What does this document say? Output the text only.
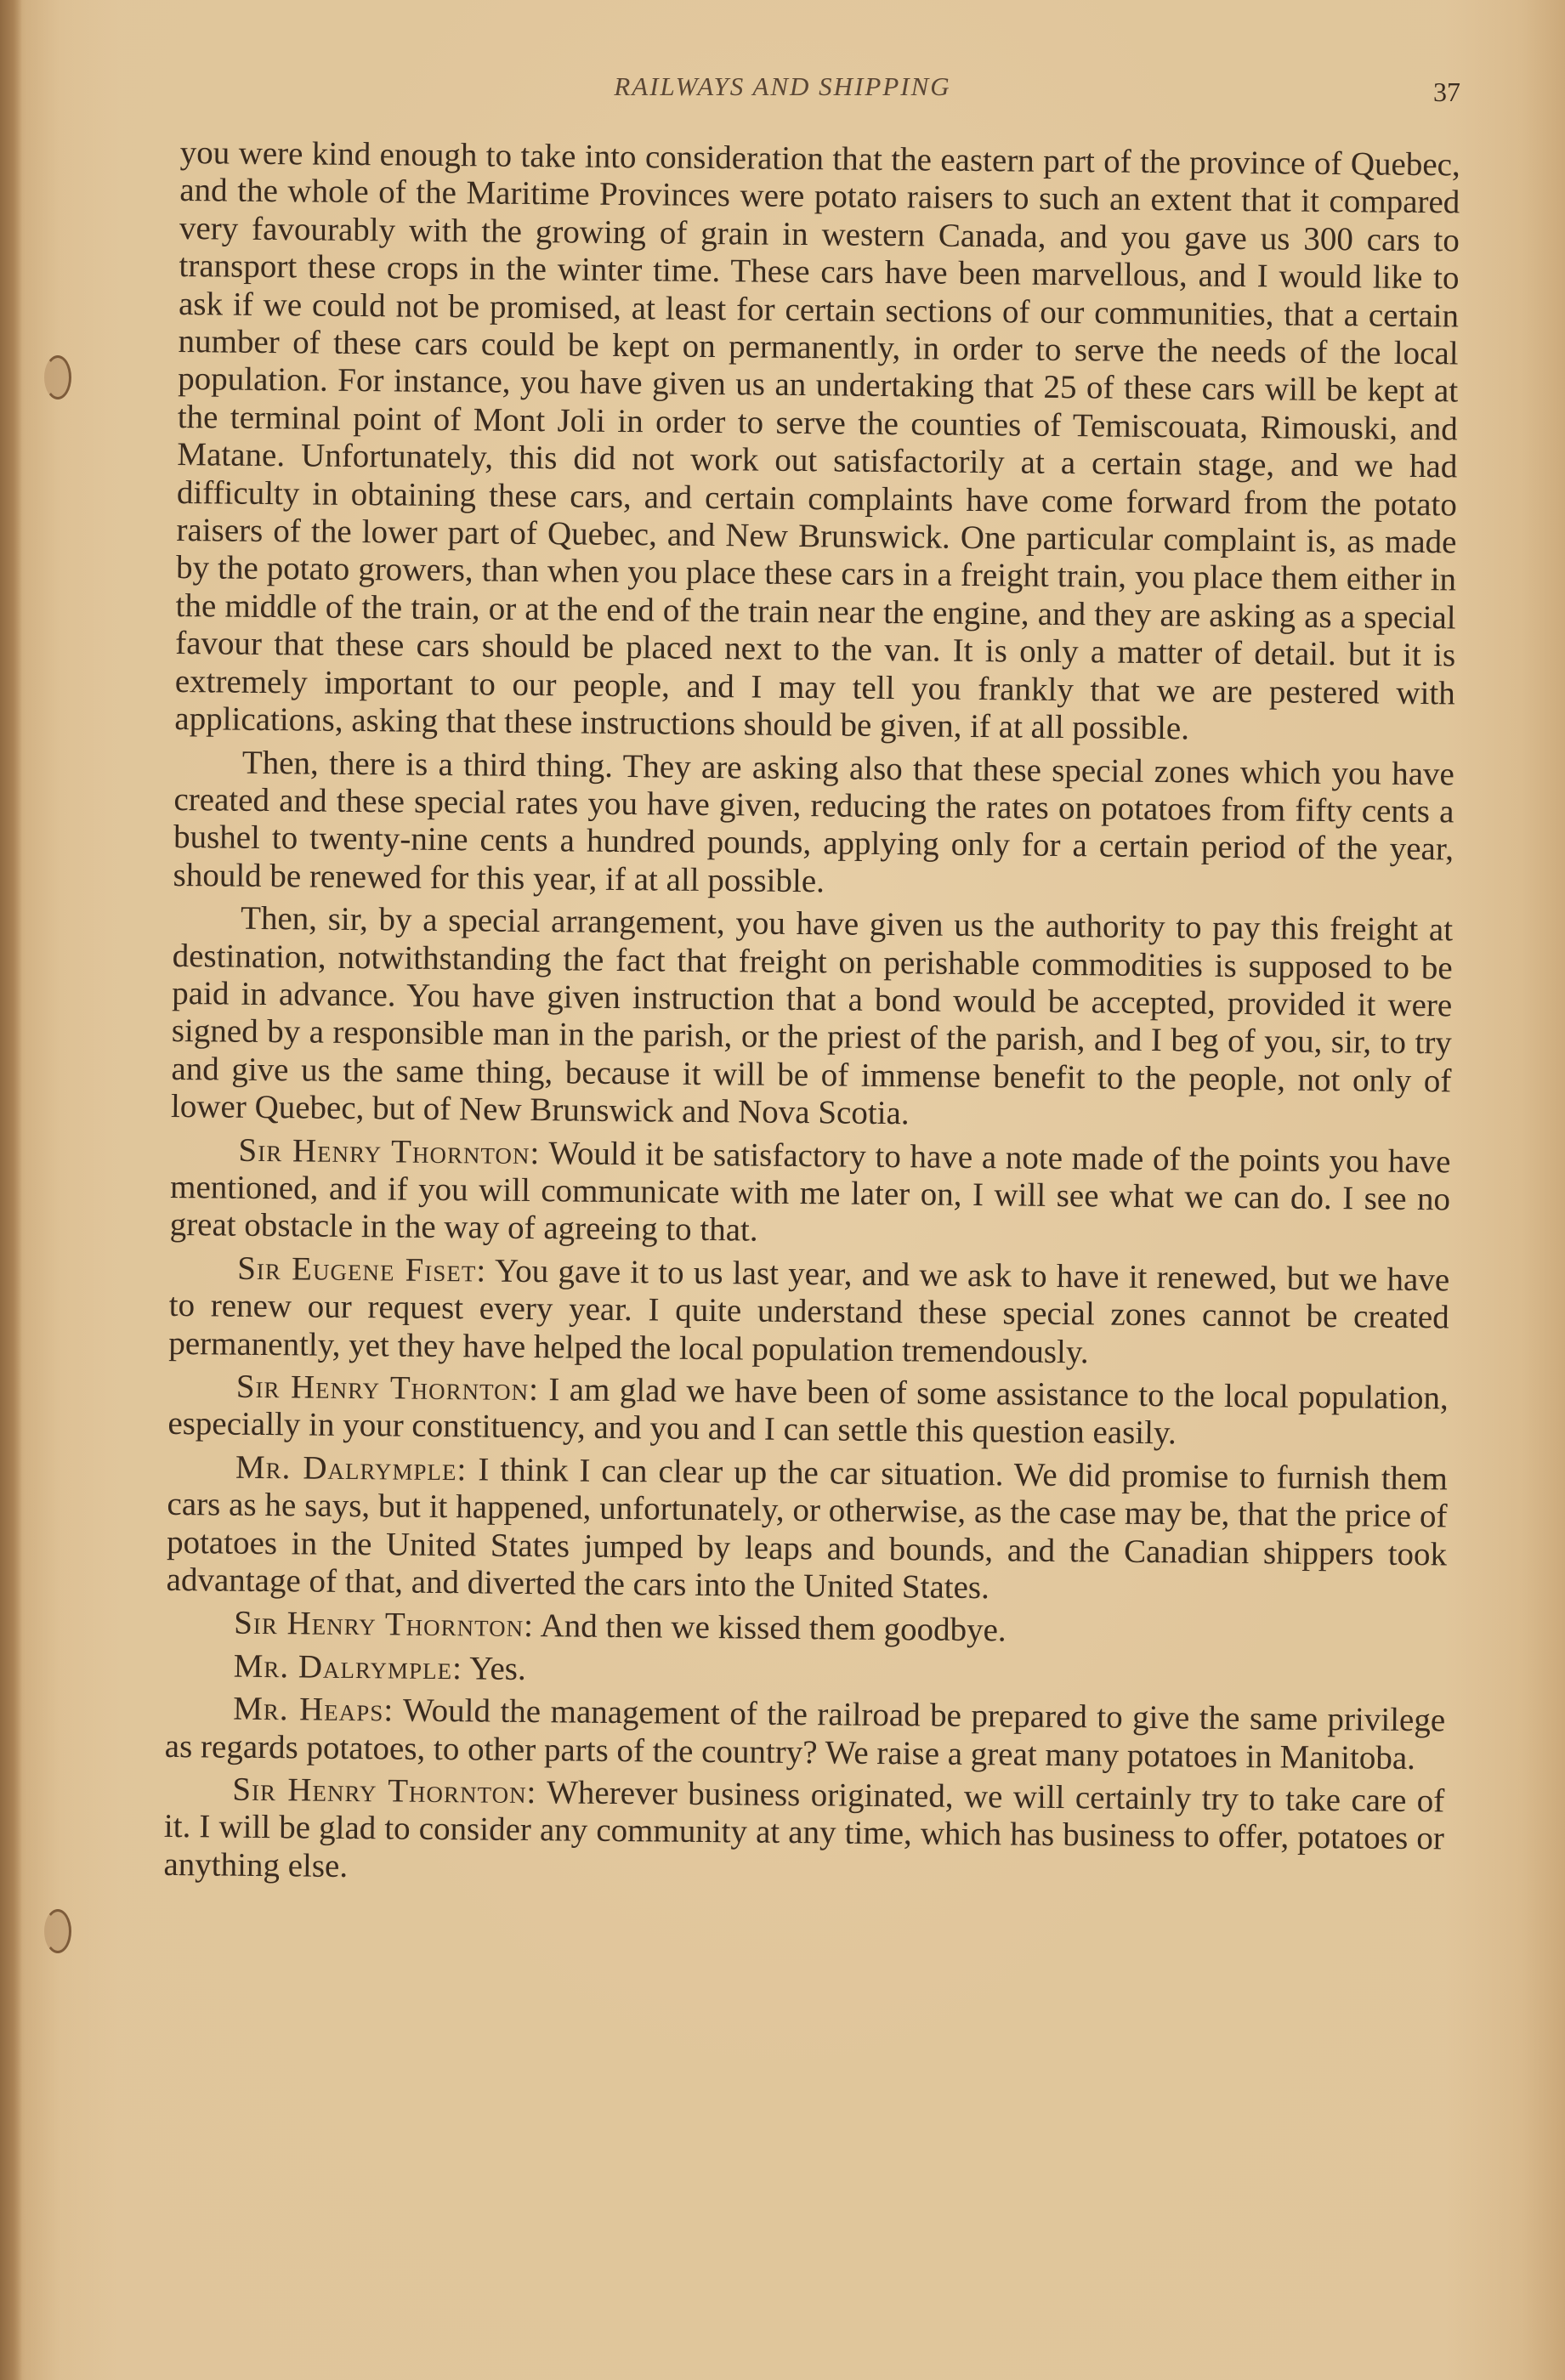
RAILWAYS AND SHIPPING	37

you were kind enough to take into consideration that the eastern part of the province of Quebec, and the whole of the Maritime Provinces were potato raisers to such an extent that it compared very favourably with the growing of grain in western Canada, and you gave us 300 cars to transport these crops in the winter time. These cars have been marvellous, and I would like to ask if we could not be promised, at least for certain sections of our communities, that a certain number of these cars could be kept on permanently, in order to serve the needs of the local population. For instance, you have given us an undertaking that 25 of these cars will be kept at the terminal point of Mont Joli in order to serve the counties of Temiscouata, Rimouski, and Matane. Unfortunately, this did not work out satisfactorily at a certain stage, and we had difficulty in obtaining these cars, and certain complaints have come forward from the potato raisers of the lower part of Quebec, and New Brunswick. One particular complaint is, as made by the potato growers, than when you place these cars in a freight train, you place them either in the middle of the train, or at the end of the train near the engine, and they are asking as a special favour that these cars should be placed next to the van. It is only a matter of detail. but it is extremely important to our people, and I may tell you frankly that we are pestered with applications, asking that these instructions should be given, if at all possible.

Then, there is a third thing. They are asking also that these special zones which you have created and these special rates you have given, reducing the rates on potatoes from fifty cents a bushel to twenty-nine cents a hundred pounds, applying only for a certain period of the year, should be renewed for this year, if at all possible.

Then, sir, by a special arrangement, you have given us the authority to pay this freight at destination, notwithstanding the fact that freight on perishable commodities is supposed to be paid in advance. You have given instruction that a bond would be accepted, provided it were signed by a responsible man in the parish, or the priest of the parish, and I beg of you, sir, to try and give us the same thing, because it will be of immense benefit to the people, not only of lower Quebec, but of New Brunswick and Nova Scotia.

Sir Henry Thornton: Would it be satisfactory to have a note made of the points you have mentioned, and if you will communicate with me later on, I will see what we can do. I see no great obstacle in the way of agreeing to that.

Sir Eugene Fiset: You gave it to us last year, and we ask to have it renewed, but we have to renew our request every year. I quite understand these special zones cannot be created permanently, yet they have helped the local population tremendously.

Sir Henry Thornton: I am glad we have been of some assistance to the local population, especially in your constituency, and you and I can settle this question easily.

Mr. Dalrymple: I think I can clear up the car situation. We did promise to furnish them cars as he says, but it happened, unfortunately, or otherwise, as the case may be, that the price of potatoes in the United States jumped by leaps and bounds, and the Canadian shippers took advantage of that, and diverted the cars into the United States.

Sir Henry Thornton: And then we kissed them goodbye.

Mr. Dalrymple: Yes.

Mr. Heaps: Would the management of the railroad be prepared to give the same privilege as regards potatoes, to other parts of the country? We raise a great many potatoes in Manitoba.

Sir Henry Thornton: Wherever business originated, we will certainly try to take care of it. I will be glad to consider any community at any time, which has business to offer, potatoes or anything else.
